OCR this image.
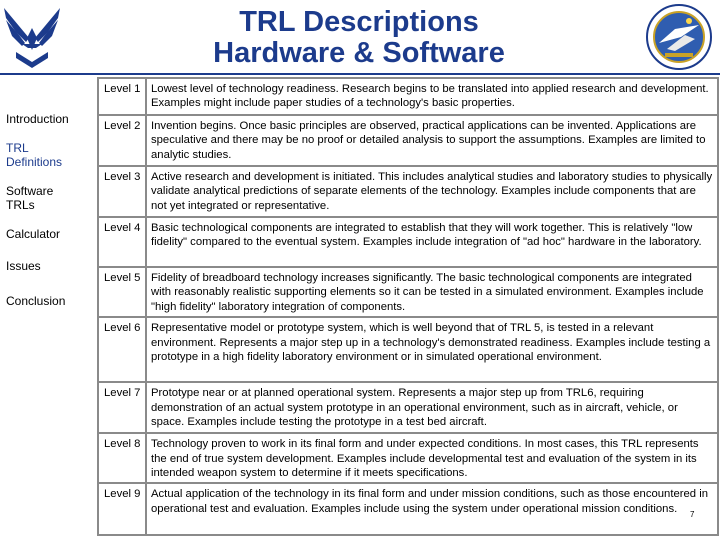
TRL Descriptions
Hardware & Software
Introduction
TRL Definitions
Software TRLs
Calculator
Issues
Conclusion
Level 1	Lowest level of technology readiness. Research begins to be translated into applied research and development. Examples might include paper studies of a technology's basic properties.
Level 2	Invention begins. Once basic principles are observed, practical applications can be invented. Applications are speculative and there may be no proof or detailed analysis to support the assumptions. Examples are limited to analytic studies.
Level 3	Active research and development is initiated. This includes analytical studies and laboratory studies to physically validate analytical predictions of separate elements of the technology. Examples include components that are not yet integrated or representative.
Level 4	Basic technological components are integrated to establish that they will work together. This is relatively "low fidelity" compared to the eventual system. Examples include integration of "ad hoc" hardware in the laboratory.
Level 5	Fidelity of breadboard technology increases significantly. The basic technological components are integrated with reasonably realistic supporting elements so it can be tested in a simulated environment. Examples include "high fidelity" laboratory integration of components.
Level 6	Representative model or prototype system, which is well beyond that of TRL 5, is tested in a relevant environment. Represents a major step up in a technology's demonstrated readiness. Examples include testing a prototype in a high fidelity laboratory environment or in simulated operational environment.
Level 7	Prototype near or at planned operational system. Represents a major step up from TRL6, requiring demonstration of an actual system prototype in an operational environment, such as in aircraft, vehicle, or space. Examples include testing the prototype in a test bed aircraft.
Level 8	Technology proven to work in its final form and under expected conditions. In most cases, this TRL represents the end of true system development. Examples include developmental test and evaluation of the system in its intended weapon system to determine if it meets specifications.
Level 9	Actual application of the technology in its final form and under mission conditions, such as those encountered in operational test and evaluation. Examples include using the system under operational mission conditions. 7
